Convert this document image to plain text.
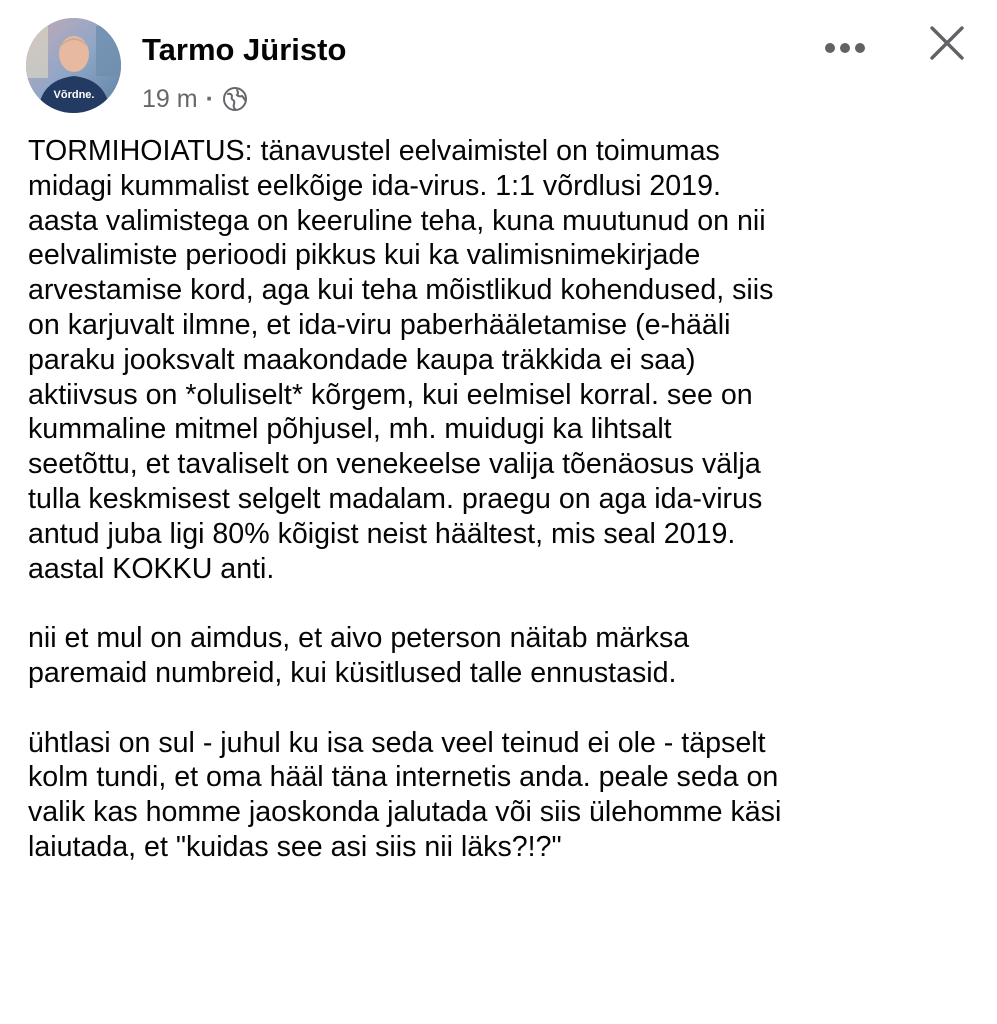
Võrdne.
Tarmo Jüristo
19 m ·

TORMIHOIATUS: tänavustel eelvaimistel on toimumas
midagi kummalist eelkõige ida-virus. 1:1 võrdlusi 2019.
aasta valimistega on keeruline teha, kuna muutunud on nii
eelvalimiste perioodi pikkus kui ka valimisnimekirjade
arvestamise kord, aga kui teha mõistlikud kohendused, siis
on karjuvalt ilmne, et ida-viru paberhääletamise (e-hääli
paraku jooksvalt maakondade kaupa träkkida ei saa)
aktiivsus on *oluliselt* kõrgem, kui eelmisel korral. see on
kummaline mitmel põhjusel, mh. muidugi ka lihtsalt
seetõttu, et tavaliselt on venekeelse valija tõenäosus välja
tulla keskmisest selgelt madalam. praegu on aga ida-virus
antud juba ligi 80% kõigist neist häältest, mis seal 2019.
aastal KOKKU anti.

nii et mul on aimdus, et aivo peterson näitab märksa
paremaid numbreid, kui küsitlused talle ennustasid.

ühtlasi on sul - juhul ku isa seda veel teinud ei ole - täpselt
kolm tundi, et oma hääl täna internetis anda. peale seda on
valik kas homme jaoskonda jalutada või siis ülehomme käsi
laiutada, et "kuidas see asi siis nii läks?!?"
